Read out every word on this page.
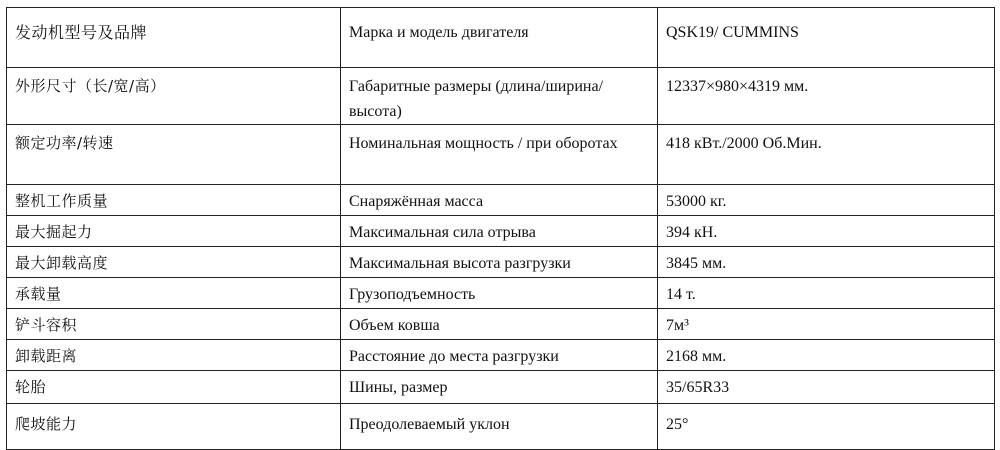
发动机型号及品牌	Марка и модель двигателя	QSK19/ CUMMINS
外形尺寸（长/宽/高）	Габаритные размеры (длина/ширина/высота)	12337×980×4319 мм.
额定功率/转速	Номинальная мощность / при оборотах	418 кВт./2000 Об.Мин.
整机工作质量	Снаряжённая масса	53000 кг.
最大掘起力	Максимальная сила отрыва	394 кН.
最大卸载高度	Максимальная высота разгрузки	3845 мм.
承载量	Грузоподъемность	14 т.
铲斗容积	Объем ковша	7м³
卸载距离	Расстояние до места разгрузки	2168 мм.
轮胎	Шины, размер	35/65R33
爬坡能力	Преодолеваемый уклон	25°
